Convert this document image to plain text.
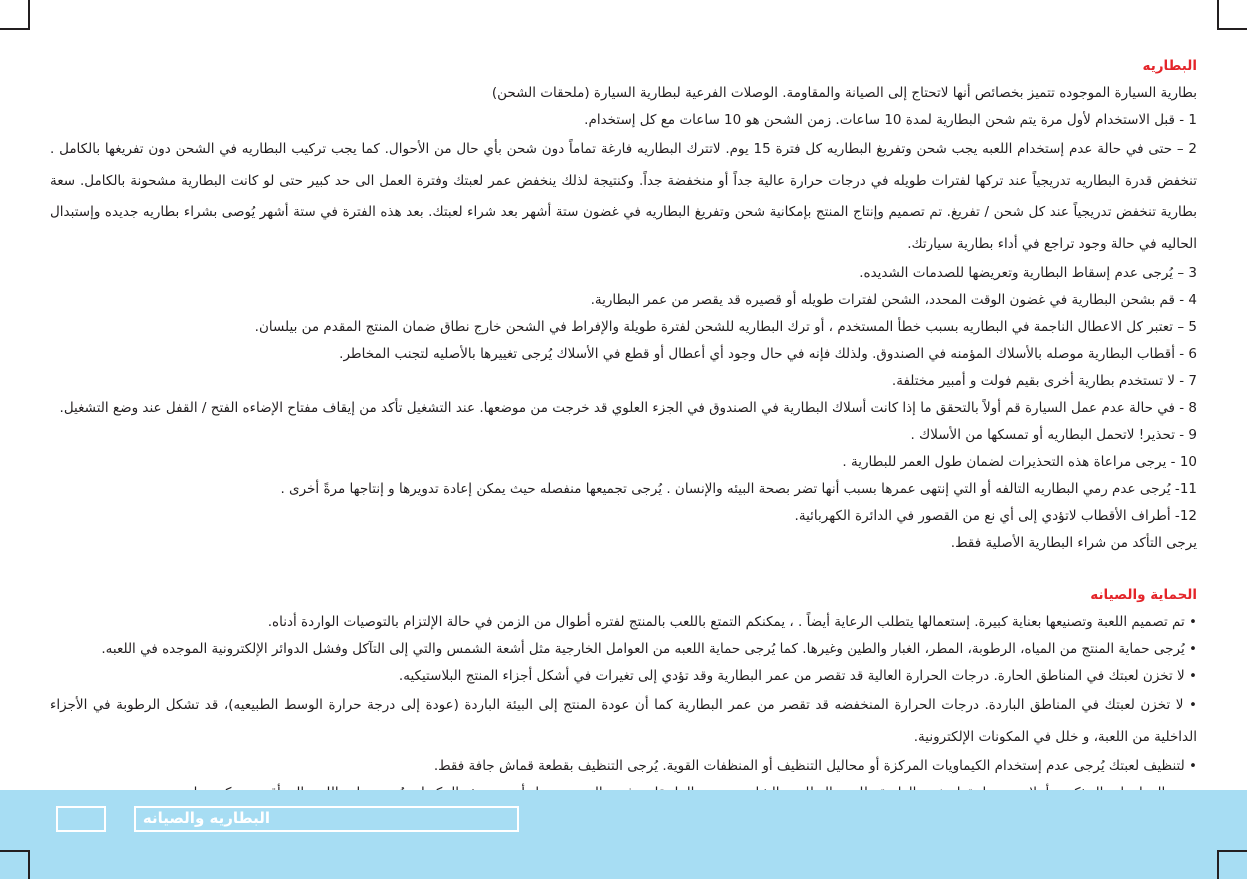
البطاريه

بطارية السيارة الموجوده تتميز بخصائص أنها لاتحتاج إلى الصيانة والمقاومة. الوصلات الفرعية لبطارية السيارة (ملحقات الشحن)

1 - قبل الاستخدام لأول مرة يتم شحن البطارية لمدة 10 ساعات. زمن الشحن هو 10 ساعات مع كل إستخدام.

2 – حتى في حالة عدم إستخدام اللعبه يجب شحن وتفريغ البطاريه كل فترة 15 يوم. لاتترك البطاريه فارغة تماماً دون شحن بأي حال من الأحوال. كما يجب تركيب البطاريه في الشحن دون تفريغها بالكامل . تنخفض قدرة البطاريه تدريجياً عند تركها لفترات طويله في درجات حرارة عالية جداً أو منخفضة جداً. وكنتيجة لذلك ينخفض عمر لعبتك وفترة العمل الى حد كبير حتى لو كانت البطارية مشحونة بالكامل. سعة بطارية تنخفض تدريجياً عند كل شحن / تفريغ. تم تصميم وإنتاج المنتج بإمكانية شحن وتفريغ البطاريه في غضون ستة أشهر بعد شراء لعبتك. بعد هذه الفترة في ستة أشهر يُوصى بشراء بطاريه جديده وإستبدال الحاليه في حالة وجود تراجع في أداء بطارية سيارتك.

3 – يُرجى عدم إسقاط البطارية وتعريضها للصدمات الشديده.

4 - قم بشحن البطارية في غضون الوقت المحدد، الشحن لفترات طويله أو قصيره قد يقصر من عمر البطارية.

5 – تعتبر كل الاعطال الناجمة في البطاريه بسبب خطأ المستخدم ، أو ترك البطاريه للشحن لفترة طويلة والإفراط في الشحن خارج نطاق ضمان المنتج المقدم من بيلسان.

6 - أقطاب البطارية موصله بالأسلاك المؤمنه في الصندوق. ولذلك فإنه في حال وجود أي أعطال أو قطع في الأسلاك يُرجى تغييرها بالأصليه لتجنب المخاطر.

7 - لا تستخدم بطارية أخرى بقيم فولت و أمبير مختلفة.

8 - في حالة عدم عمل السيارة قم أولاً بالتحقق ما إذا كانت أسلاك البطارية في الصندوق في الجزء العلوي قد خرجت من موضعها. عند التشغيل تأكد من إيقاف مفتاح الإضاءه الفتح / القفل عند وضع التشغيل.

9 - تحذير! لاتحمل البطاريه أو تمسكها من الأسلاك .

10 - يرجى مراعاة هذه التحذيرات لضمان طول العمر للبطارية .

11- يُرجى عدم رمي البطاريه التالفه أو التي إنتهى عمرها بسبب أنها تضر بصحة البيئه والإنسان . يُرجى تجميعها منفصله حيث يمكن إعادة تدويرها و إنتاجها مرةً أخرى .

12- أطراف الأقطاب لاتؤدي إلى أي نع من القصور في الدائرة الكهربائية.

يرجى التأكد من شراء البطارية الأصلية فقط.

الحماية والصيانه

• تم تصميم اللعبة وتصنيعها بعناية كبيرة. إستعمالها يتطلب الرعاية أيضاً . ، يمكنكم التمتع باللعب بالمنتج لفتره أطوال من الزمن في حالة الإلتزام بالتوصيات الواردة أدناه.

• يُرجى حماية المنتج من المياه، الرطوبة، المطر، الغبار والطين وغيرها. كما يُرجى حماية اللعبه من العوامل الخارجية مثل أشعة الشمس والتي إلى التآكل وفشل الدوائر الإلكترونية الموجده في اللعبه.

• لا تخزن لعبتك في المناطق الحارة. درجات الحرارة العالية قد تقصر من عمر البطارية وقد تؤدي إلى تغيرات في أشكل أجزاء المنتج البلاستيكيه.

• لا تخزن لعبتك في المناطق الباردة. درجات الحرارة المنخفضه قد تقصر من عمر البطارية كما أن عودة المنتج إلى البيئة الباردة (عودة إلى درجة حرارة الوسط الطبيعيه)، قد تشكل الرطوبة في الأجزاء الداخلية من اللعبة، و خلل في المكونات الإلكترونية.

• لتنظيف لعبتك يُرجى عدم إستخدام الكيماويات المركزة أو محاليل التنظيف أو المنظفات القوية. يُرجى التنظيف بقطعة قماش جافة فقط.

البطاريه والصيانه
